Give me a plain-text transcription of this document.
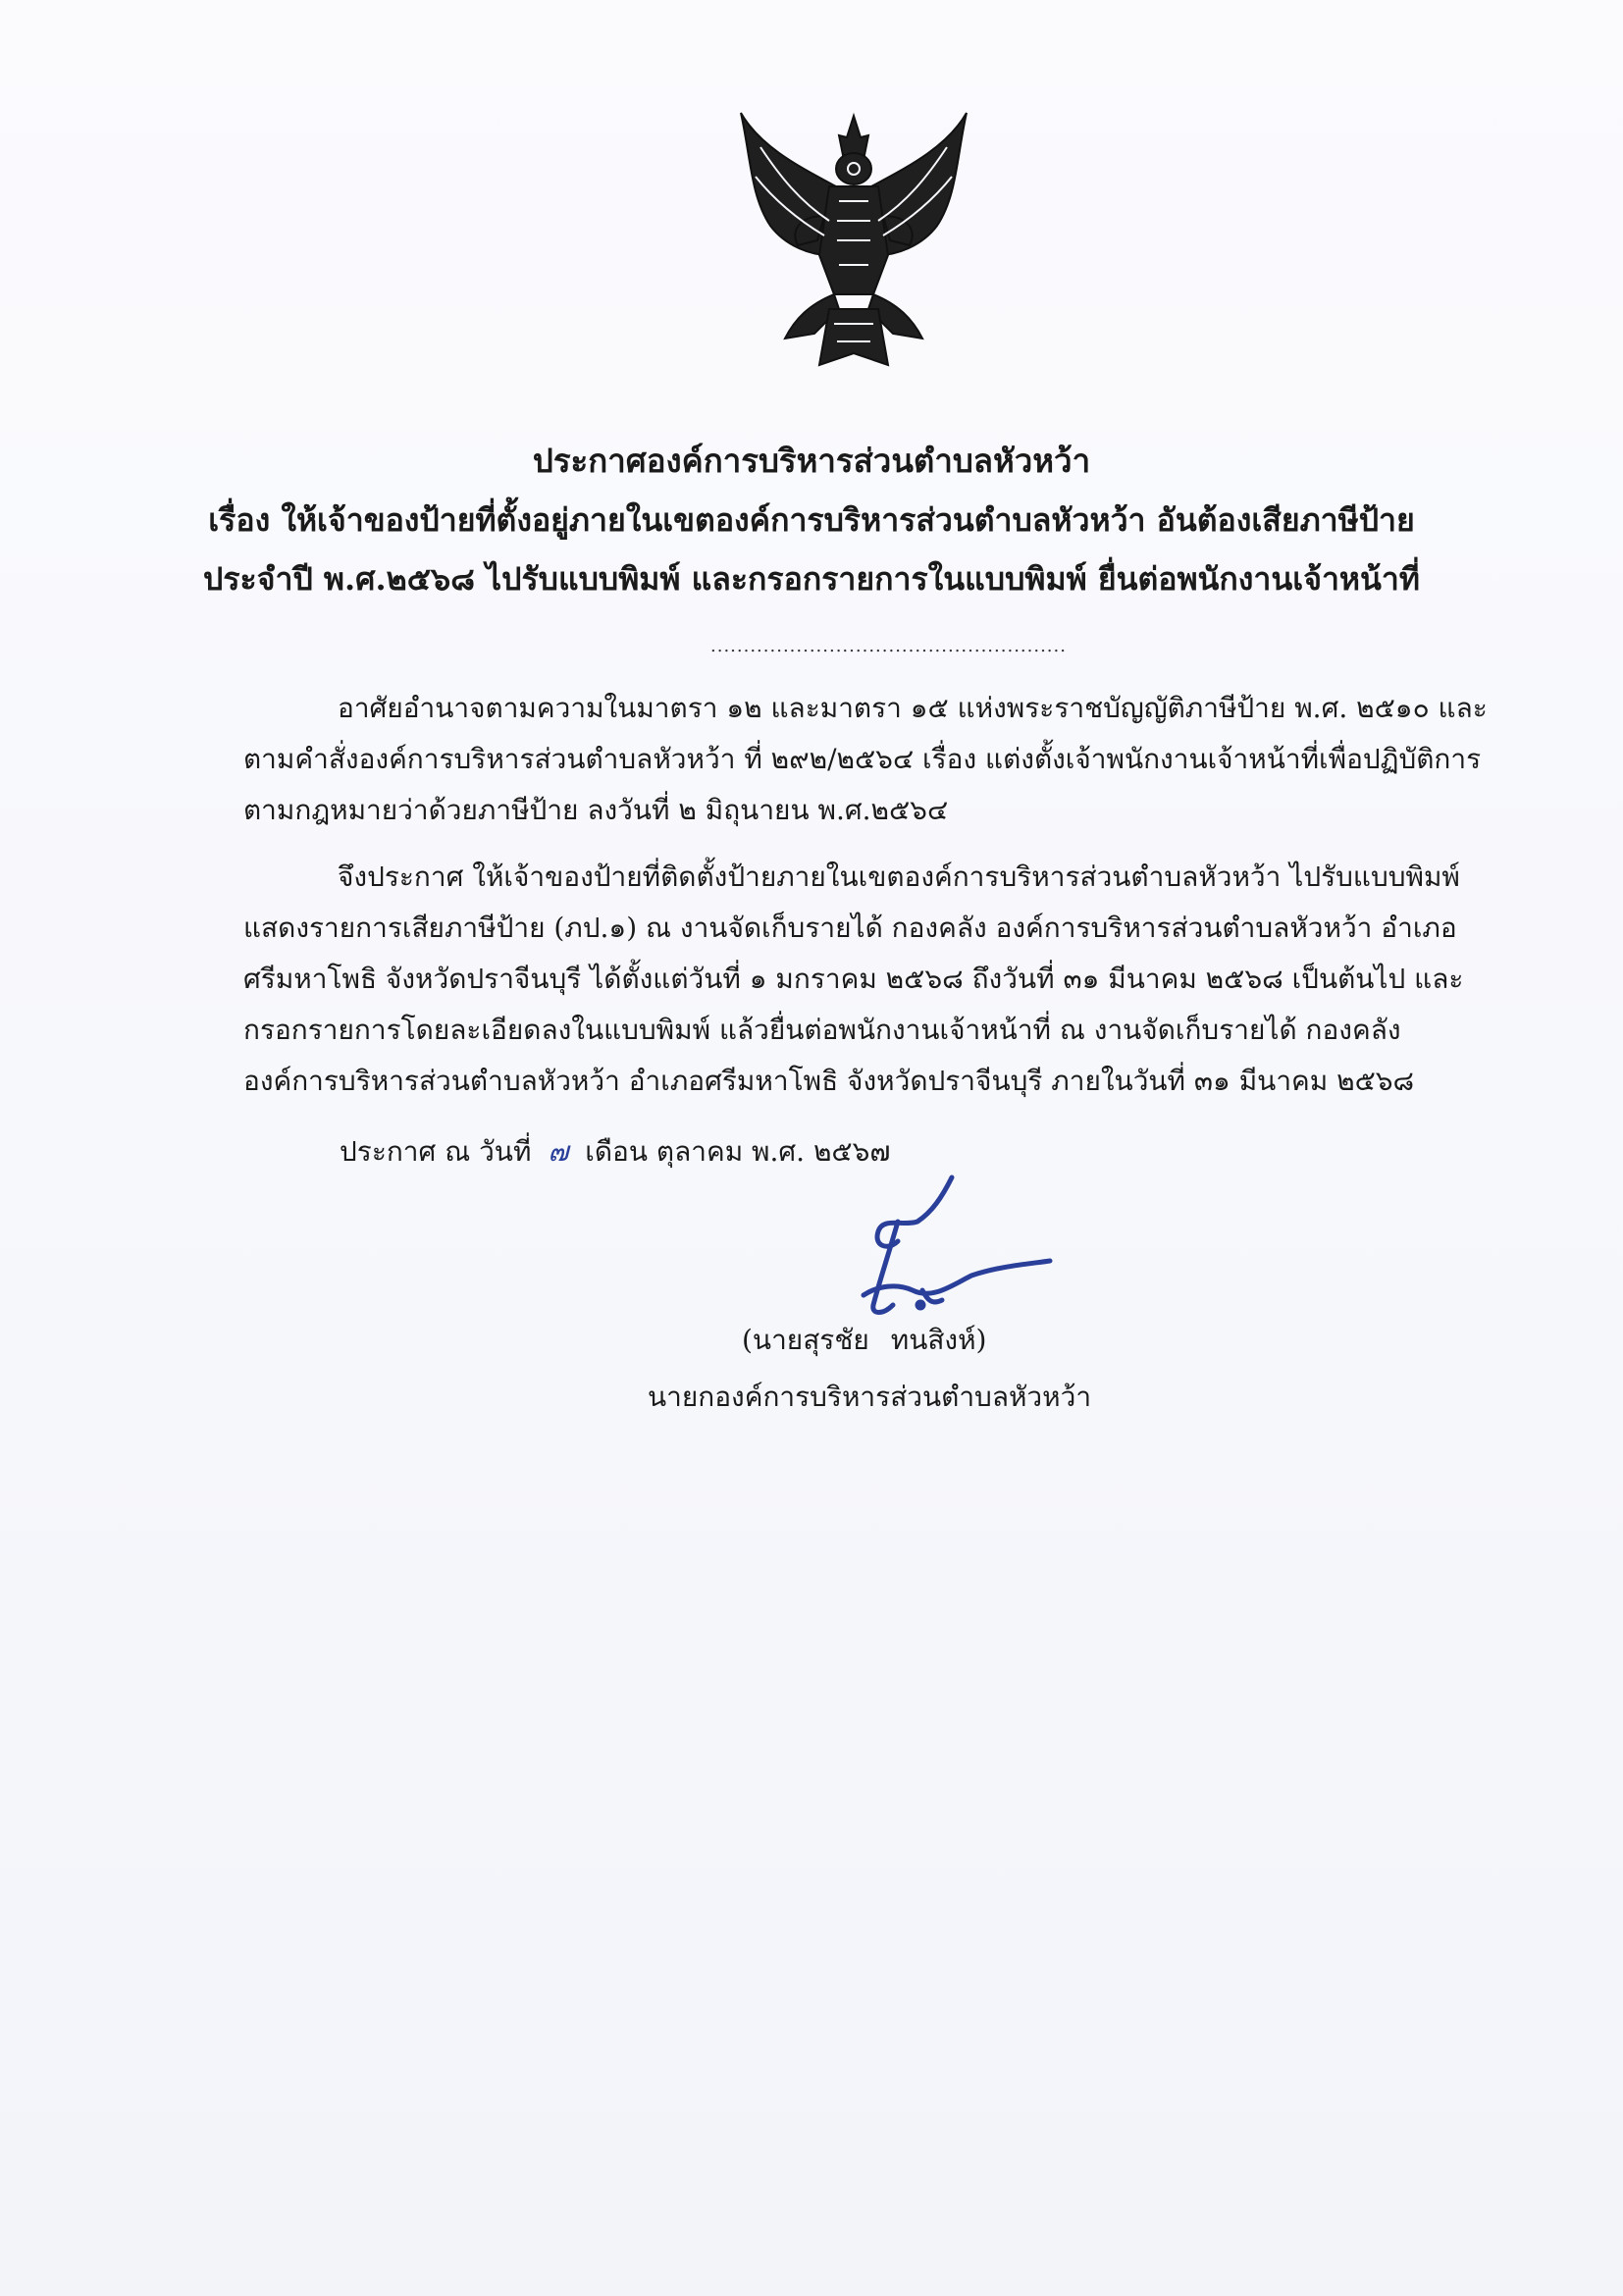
ประกาศองค์การบริหารส่วนตำบลหัวหว้า
เรื่อง ให้เจ้าของป้ายที่ตั้งอยู่ภายในเขตองค์การบริหารส่วนตำบลหัวหว้า อันต้องเสียภาษีป้าย
ประจำปี พ.ศ.๒๕๖๘ ไปรับแบบพิมพ์ และกรอกรายการในแบบพิมพ์ ยื่นต่อพนักงานเจ้าหน้าที่
......................................................
อาศัยอำนาจตามความในมาตรา ๑๒ และมาตรา ๑๕ แห่งพระราชบัญญัติภาษีป้าย พ.ศ. ๒๕๑๐ และ
ตามคำสั่งองค์การบริหารส่วนตำบลหัวหว้า ที่ ๒๙๒/๒๕๖๔ เรื่อง แต่งตั้งเจ้าพนักงานเจ้าหน้าที่เพื่อปฏิบัติการ
ตามกฎหมายว่าด้วยภาษีป้าย ลงวันที่ ๒ มิถุนายน พ.ศ.๒๕๖๔
จึงประกาศ ให้เจ้าของป้ายที่ติดตั้งป้ายภายในเขตองค์การบริหารส่วนตำบลหัวหว้า ไปรับแบบพิมพ์
แสดงรายการเสียภาษีป้าย (ภป.๑) ณ งานจัดเก็บรายได้ กองคลัง องค์การบริหารส่วนตำบลหัวหว้า อำเภอ
ศรีมหาโพธิ จังหวัดปราจีนบุรี ได้ตั้งแต่วันที่ ๑ มกราคม ๒๕๖๘ ถึงวันที่ ๓๑ มีนาคม ๒๕๖๘ เป็นต้นไป และ
กรอกรายการโดยละเอียดลงในแบบพิมพ์ แล้วยื่นต่อพนักงานเจ้าหน้าที่ ณ งานจัดเก็บรายได้ กองคลัง
องค์การบริหารส่วนตำบลหัวหว้า อำเภอศรีมหาโพธิ จังหวัดปราจีนบุรี ภายในวันที่ ๓๑ มีนาคม ๒๕๖๘
ประกาศ ณ วันที่ ๗ เดือน ตุลาคม พ.ศ. ๒๕๖๗
(นายสุรชัย ทนสิงห์)
นายกองค์การบริหารส่วนตำบลหัวหว้า
